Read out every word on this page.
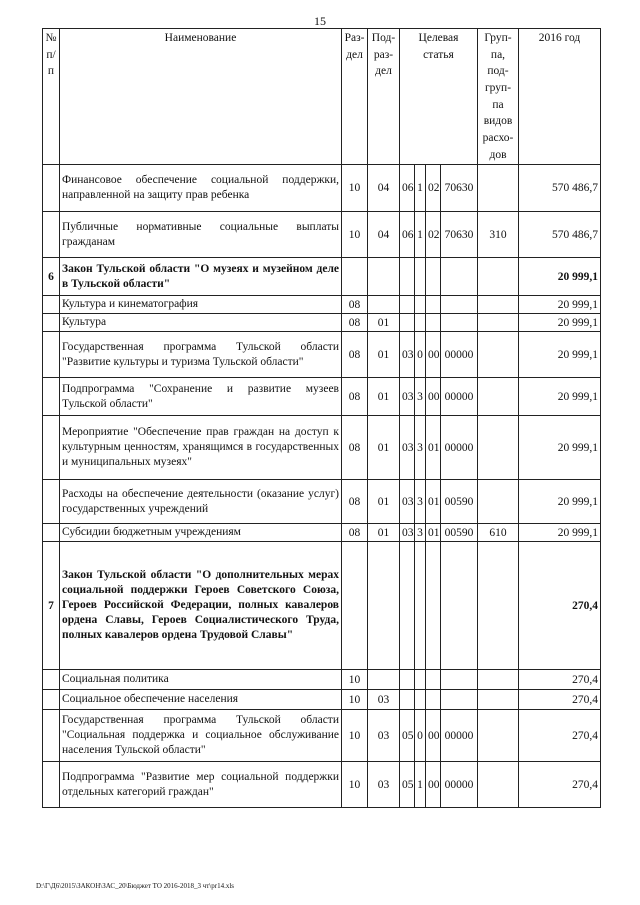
15
№ п/ п	Наименование	Раз- дел	Под- раз- дел	Целевая статья				Груп- па, под- груп- па видов расхо- дов	2016 год
	Финансовое обеспечение социальной поддержки, направленной на защиту прав ребенка	10	04	06	1	02	70630		570 486,7
	Публичные нормативные социальные выплаты гражданам	10	04	06	1	02	70630	310	570 486,7
6	Закон Тульской области "О музеях и музейном деле в Тульской области"								20 999,1
	Культура и кинематография	08							20 999,1
	Культура	08	01						20 999,1
	Государственная программа Тульской области "Развитие культуры и туризма Тульской области"	08	01	03	0	00	00000		20 999,1
	Подпрограмма "Сохранение и развитие музеев Тульской области"	08	01	03	3	00	00000		20 999,1
	Мероприятие "Обеспечение прав граждан на доступ к культурным ценностям, хранящимся в государственных и муниципальных музеях"	08	01	03	3	01	00000		20 999,1
	Расходы на обеспечение деятельности (оказание услуг) государственных учреждений	08	01	03	3	01	00590		20 999,1
	Субсидии бюджетным учреждениям	08	01	03	3	01	00590	610	20 999,1
7	Закон Тульской области "О дополнительных мерах социальной поддержки Героев Советского Союза, Героев Российской Федерации, полных кавалеров ордена Славы, Героев Социалистического Труда, полных кавалеров ордена Трудовой Славы"								270,4
	Социальная политика	10							270,4
	Социальное обеспечение населения	10	03						270,4
	Государственная программа Тульской области "Социальная поддержка и социальное обслуживание населения Тульской области"	10	03	05	0	00	00000		270,4
	Подпрограмма "Развитие мер социальной поддержки отдельных категорий граждан"	10	03	05	1	00	00000		270,4
D:\Г\Д6\2015\ЗАКОН\ЗАС_20\Бюджет ТО 2016-2018_3 чт\pr14.xls
